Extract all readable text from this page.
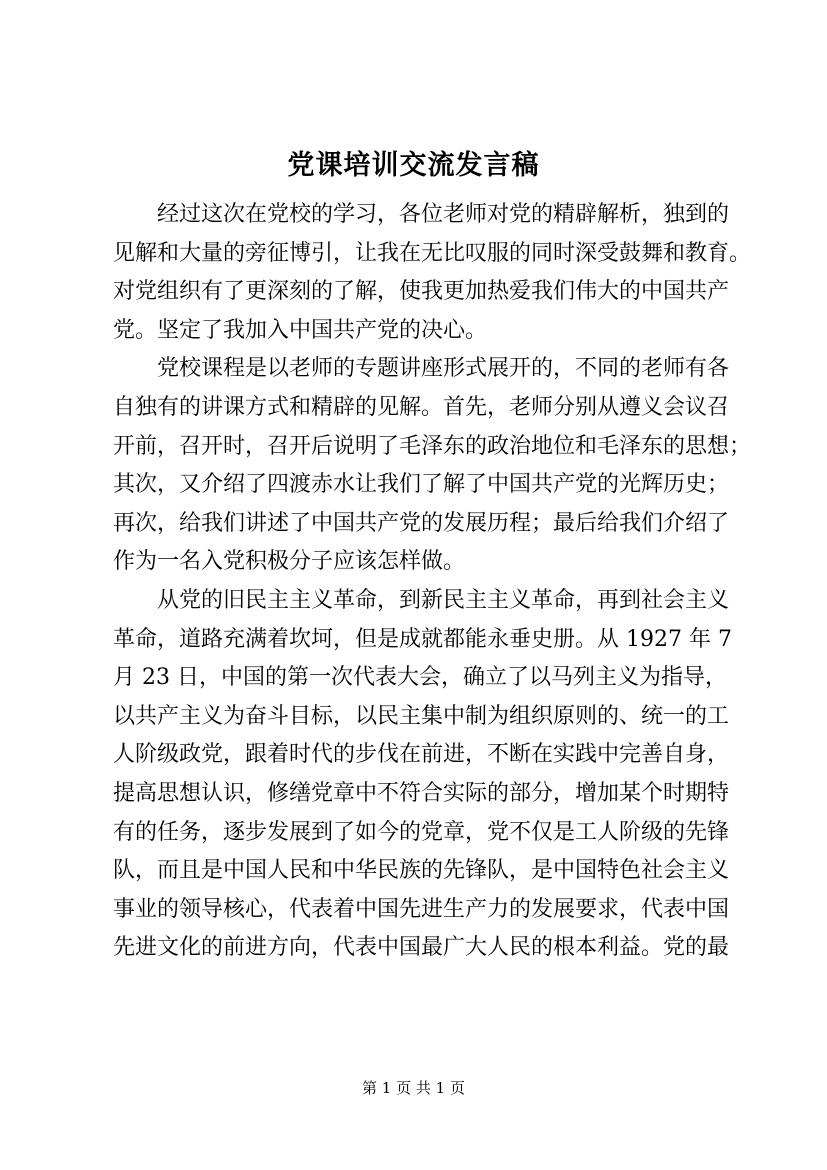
党课培训交流发言稿
经过这次在党校的学习，各位老师对党的精辟解析，独到的
见解和大量的旁征博引，让我在无比叹服的同时深受鼓舞和教育。
对党组织有了更深刻的了解，使我更加热爱我们伟大的中国共产
党。坚定了我加入中国共产党的决心。
党校课程是以老师的专题讲座形式展开的，不同的老师有各
自独有的讲课方式和精辟的见解。首先，老师分别从遵义会议召
开前，召开时，召开后说明了毛泽东的政治地位和毛泽东的思想；
其次，又介绍了四渡赤水让我们了解了中国共产党的光辉历史；
再次，给我们讲述了中国共产党的发展历程；最后给我们介绍了
作为一名入党积极分子应该怎样做。
从党的旧民主主义革命，到新民主主义革命，再到社会主义
革命，道路充满着坎坷，但是成就都能永垂史册。从 1927 年 7
月 23 日，中国的第一次代表大会，确立了以马列主义为指导，
以共产主义为奋斗目标，以民主集中制为组织原则的、统一的工
人阶级政党，跟着时代的步伐在前进，不断在实践中完善自身，
提高思想认识，修缮党章中不符合实际的部分，增加某个时期特
有的任务，逐步发展到了如今的党章，党不仅是工人阶级的先锋
队，而且是中国人民和中华民族的先锋队，是中国特色社会主义
事业的领导核心，代表着中国先进生产力的发展要求，代表中国
先进文化的前进方向，代表中国最广大人民的根本利益。党的最
第 1 页 共 1 页
